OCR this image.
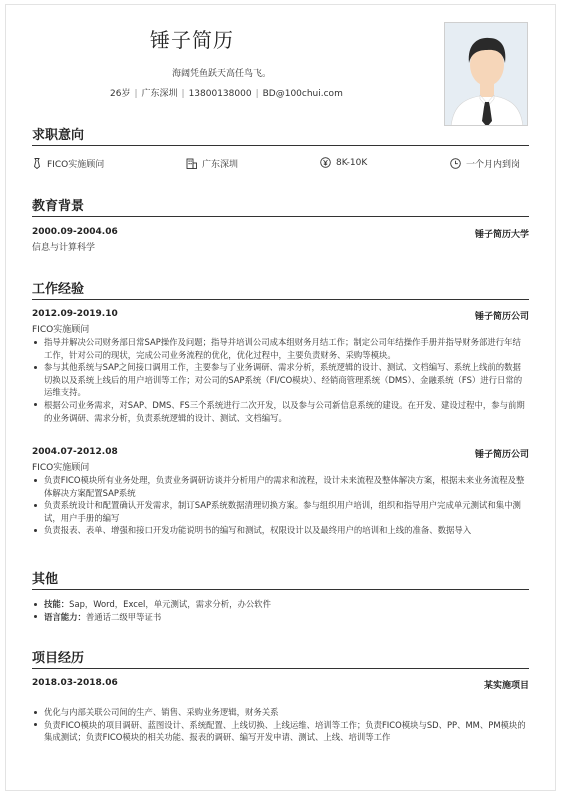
锤子简历
海阔凭鱼跃天高任鸟飞。
26岁 | 广东深圳 | 13800138000 | BD@100chui.com
求职意向
FICO实施顾问	广东深圳	8K-10K	一个月内到岗
教育背景
2000.09-2004.06	锤子简历大学
信息与计算科学
工作经验
2012.09-2019.10	锤子简历公司
FICO实施顾问
指导并解决公司财务部日常SAP操作及问题；指导并培训公司成本组财务月结工作；制定公司年结操作手册并指导财务部进行年结工作，针对公司的现状，完成公司业务流程的优化，优化过程中，主要负责财务、采购等模块。
参与其他系统与SAP之间接口调用工作，主要参与了业务调研、需求分析，系统逻辑的设计、测试、文档编写、系统上线前的数据切换以及系统上线后的用户培训等工作；对公司的SAP系统（FI/CO模块）、经销商管理系统（DMS）、金融系统（FS）进行日常的运维支持。
根据公司业务需求，对SAP、DMS、FS三个系统进行二次开发，以及参与公司新信息系统的建设。在开发、建设过程中，参与前期的业务调研、需求分析，负责系统逻辑的设计、测试、文档编写。
2004.07-2012.08	锤子简历公司
FICO实施顾问
负责FICO模块所有业务处理，负责业务调研访谈并分析用户的需求和流程，设计未来流程及整体解决方案，根据未来业务流程及整体解决方案配置SAP系统
负责系统设计和配置确认开发需求，制订SAP系统数据清理切换方案。参与组织用户培训，组织和指导用户完成单元测试和集中测试，用户手册的编写
负责报表、表单、增强和接口开发功能说明书的编写和测试，权限设计以及最终用户的培训和上线的准备、数据导入
其他
技能：Sap，Word，Excel，单元测试，需求分析，办公软件
语言能力：普通话二级甲等证书
项目经历
2018.03-2018.06	某实施项目
优化与内部关联公司间的生产、销售、采购业务逻辑，财务关系
负责FICO模块的项目调研、蓝图设计、系统配置、上线切换、上线运维、培训等工作；负责FICO模块与SD、PP、MM、PM模块的集成测试；负责FICO模块的相关功能、报表的调研、编写开发申请、测试、上线、培训等工作
